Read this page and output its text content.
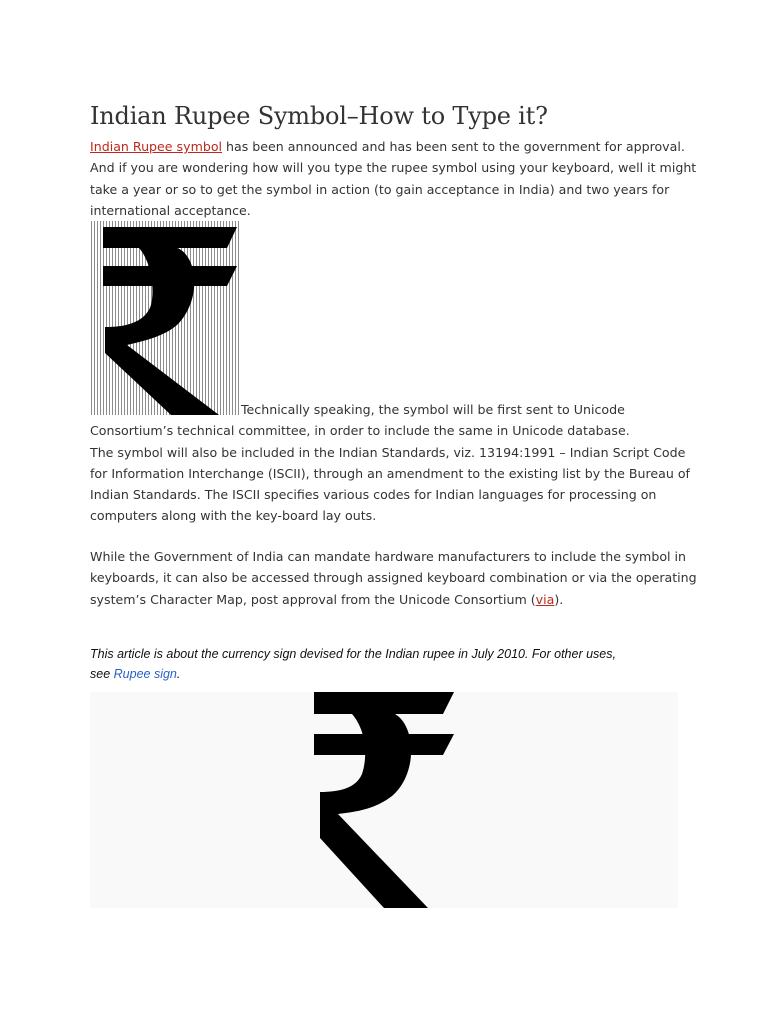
Indian Rupee Symbol–How to Type it?

Indian Rupee symbol has been announced and has been sent to the government for approval.
And if you are wondering how will you type the rupee symbol using your keyboard, well it might
take a year or so to get the symbol in action (to gain acceptance in India) and two years for
international acceptance.

Technically speaking, the symbol will be first sent to Unicode
Consortium’s technical committee, in order to include the same in Unicode database.
The symbol will also be included in the Indian Standards, viz. 13194:1991 – Indian Script Code
for Information Interchange (ISCII), through an amendment to the existing list by the Bureau of
Indian Standards. The ISCII specifies various codes for Indian languages for processing on
computers along with the key-board lay outs.

While the Government of India can mandate hardware manufacturers to include the symbol in
keyboards, it can also be accessed through assigned keyboard combination or via the operating
system’s Character Map, post approval from the Unicode Consortium (via).

This article is about the currency sign devised for the Indian rupee in July 2010. For other uses,
see Rupee sign.
